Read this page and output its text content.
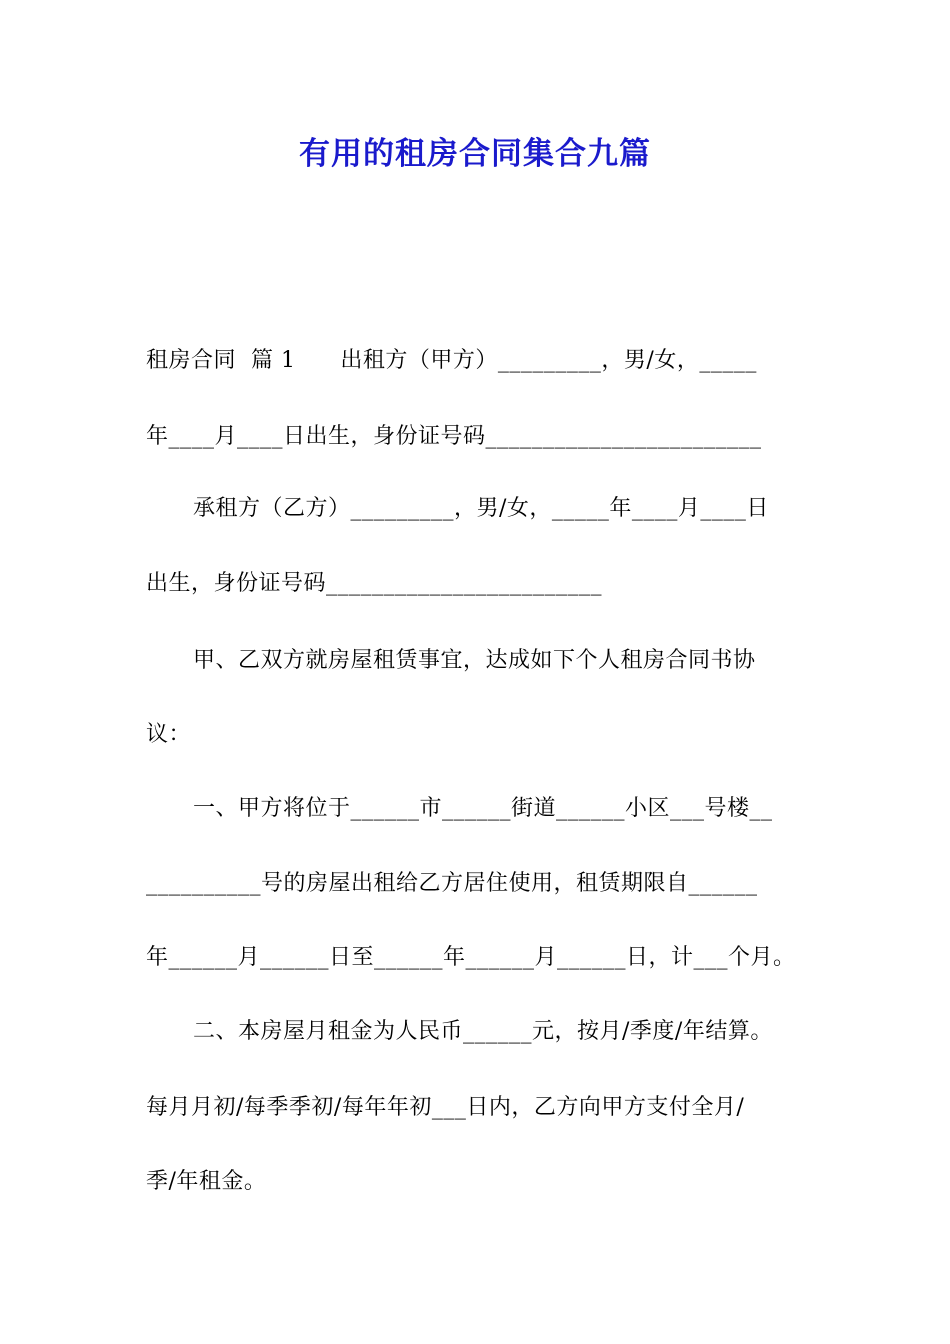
有用的租房合同集合九篇
租房合同  篇 1      出租方（甲方）_________，男/女，_____
年____月____日出生，身份证号码________________________
承租方（乙方）_________，男/女，_____年____月____日
出生，身份证号码________________________
甲、乙双方就房屋租赁事宜，达成如下个人租房合同书协
议：
一、甲方将位于______市______街道______小区___号楼__
__________号的房屋出租给乙方居住使用，租赁期限自______
年______月______日至______年______月______日，计___个月。
二、本房屋月租金为人民币______元，按月/季度/年结算。
每月月初/每季季初/每年年初___日内，乙方向甲方支付全月/
季/年租金。
